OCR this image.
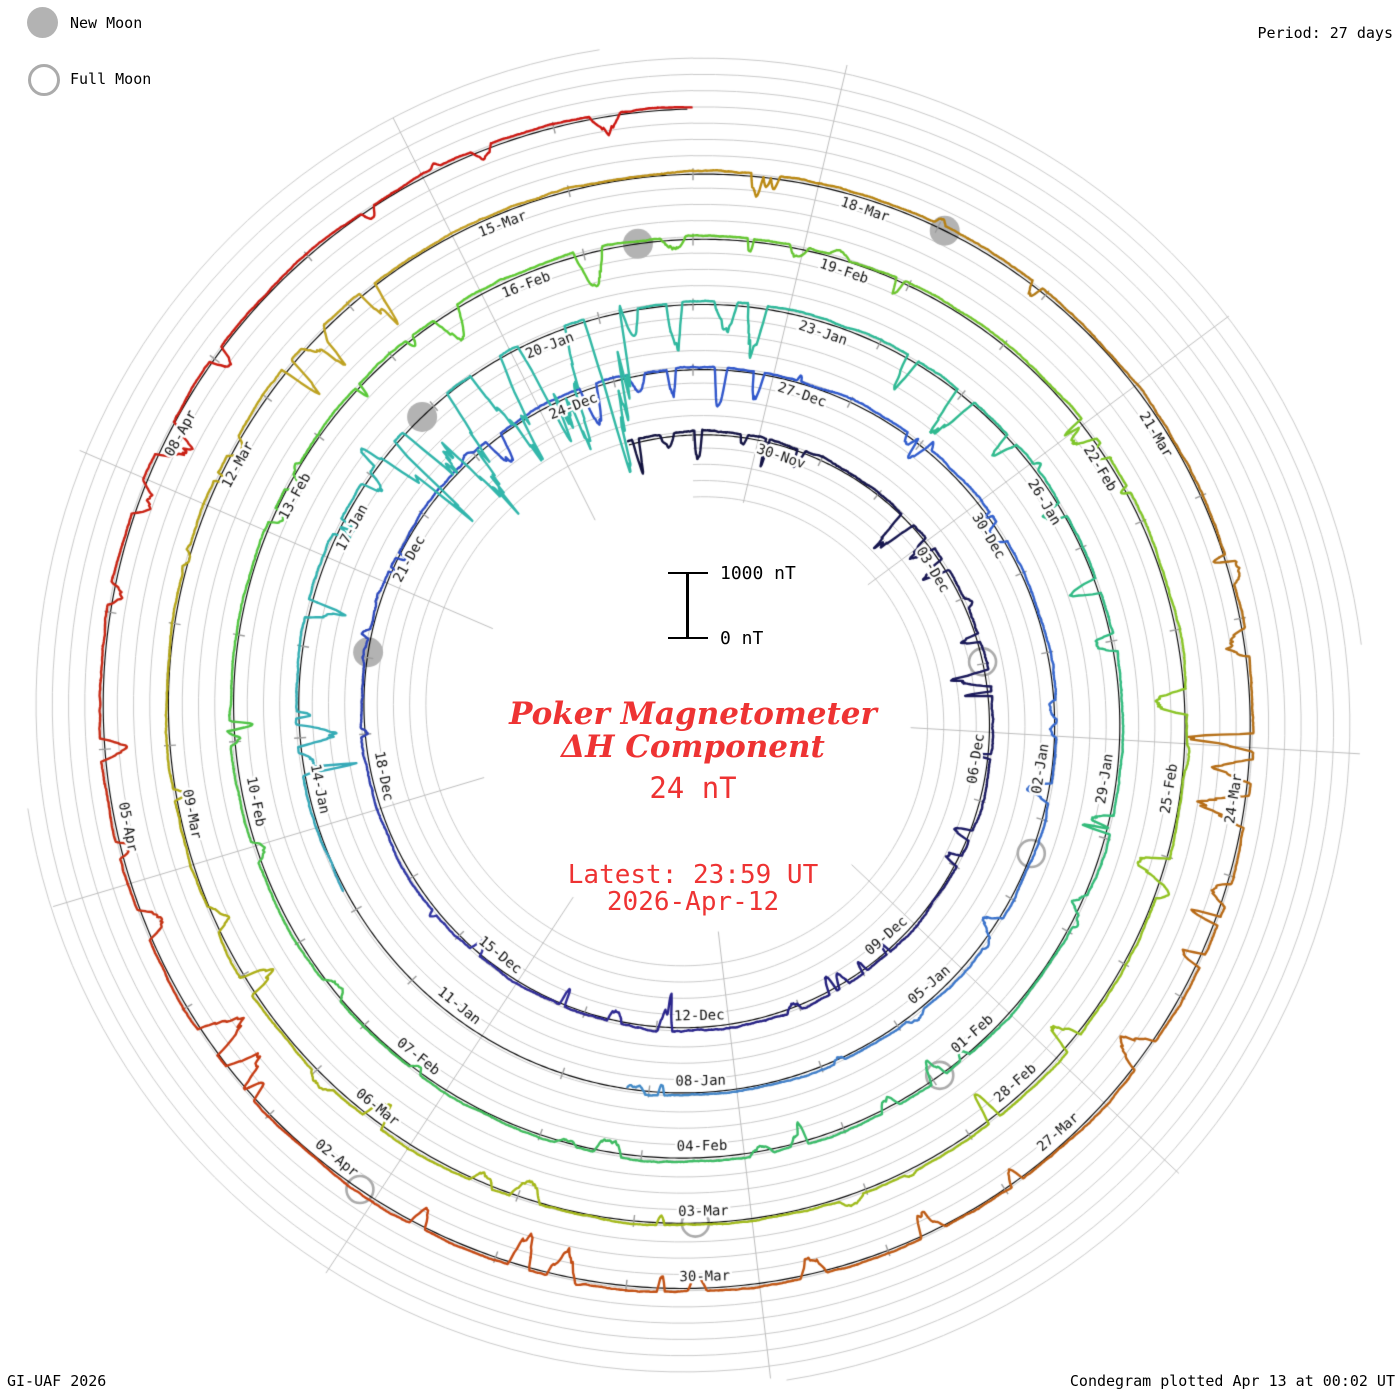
New Moon
Full Moon
Period: 27 days
1000 nT
0 nT
Poker Magnetometer
ΔH Component
24 nT
Latest: 23:59 UT
2026-Apr-12
GI-UAF 2026	Condegram plotted Apr 13 at 00:02 UT
